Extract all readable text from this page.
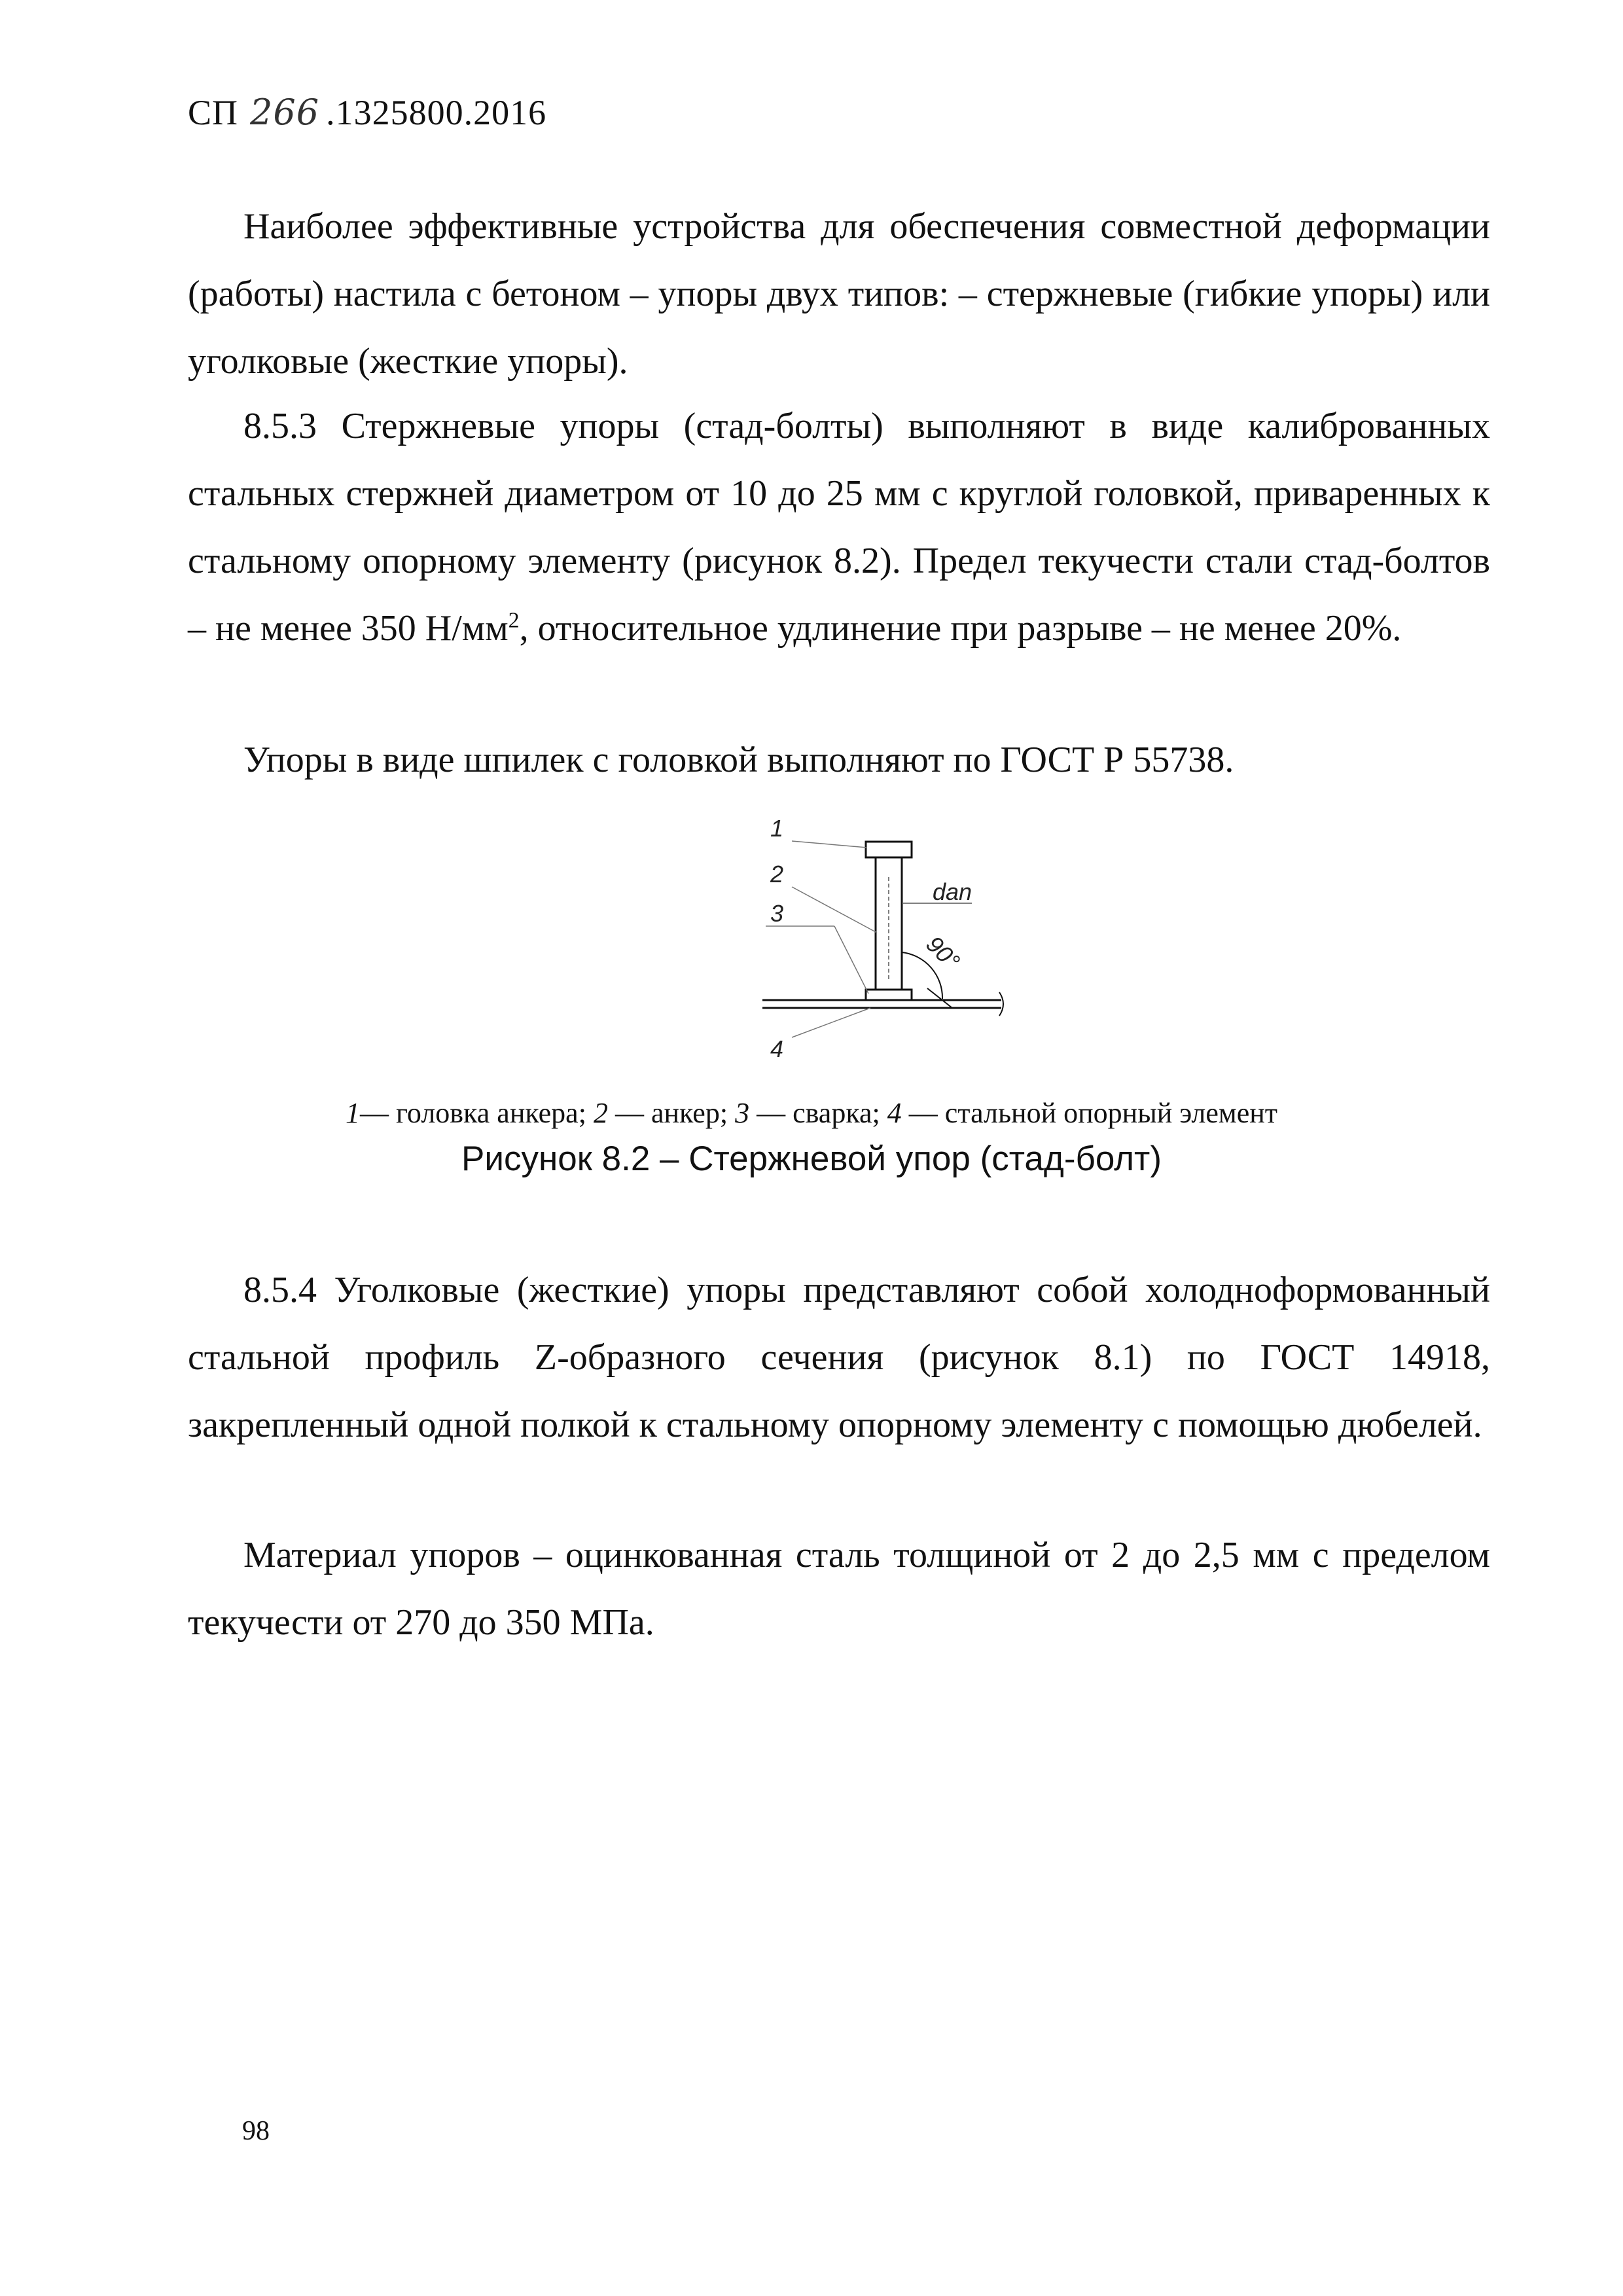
СП 266 .1325800.2016

Наиболее эффективные устройства для обеспечения совместной деформации (работы) настила с бетоном – упоры двух типов: – стержневые (гибкие упоры) или уголковые (жесткие упоры).

8.5.3 Стержневые упоры (стад-болты) выполняют в виде калиброванных стальных стержней диаметром от 10 до 25 мм с круглой головкой, приваренных к стальному опорному элементу (рисунок 8.2). Предел текучести стали стад-болтов – не менее 350 $Н/мм^2$, относительное удлинение при разрыве – не менее 20%.

Упоры в виде шпилек с головкой выполняют по ГОСТ Р 55738.

1
2
3
4
dan
90°
1— головка анкера; 2 — анкер; 3 — сварка; 4 — стальной опорный элемент
Рисунок 8.2 – Стержневой упор (стад-болт)

8.5.4 Уголковые (жесткие) упоры представляют собой холодноформованный стальной профиль Z-образного сечения (рисунок 8.1) по ГОСТ 14918, закрепленный одной полкой к стальному опорному элементу с помощью дюбелей.

Материал упоров – оцинкованная сталь толщиной от 2 до 2,5 мм с пределом текучести от 270 до 350 МПа.

98
